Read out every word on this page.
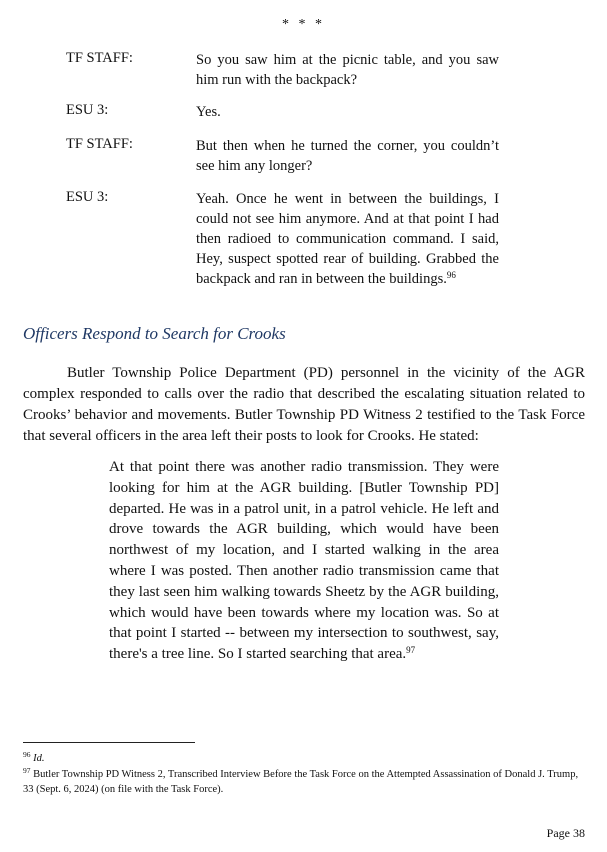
* * *
TF STAFF:	So you saw him at the picnic table, and you saw him run with the backpack?
ESU 3:	Yes.
TF STAFF:	But then when he turned the corner, you couldn’t see him any longer?
ESU 3:	Yeah. Once he went in between the buildings, I could not see him anymore. And at that point I had then radioed to communication command. I said, Hey, suspect spotted rear of building. Grabbed the backpack and ran in between the buildings.$^{96}$
Officers Respond to Search for Crooks

Butler Township Police Department (PD) personnel in the vicinity of the AGR complex responded to calls over the radio that described the escalating situation related to Crooks’ behavior and movements. Butler Township PD Witness 2 testified to the Task Force that several officers in the area left their posts to look for Crooks. He stated:

At that point there was another radio transmission. They were looking for him at the AGR building. [Butler Township PD] departed. He was in a patrol unit, in a patrol vehicle. He left and drove towards the AGR building, which would have been northwest of my location, and I started walking in the area where I was posted. Then another radio transmission came that they last seen him walking towards Sheetz by the AGR building, which would have been towards where my location was. So at that point I started -- between my intersection to southwest, say, there's a tree line. So I started searching that area.$^{97}$

$^{96}$ Id.
$^{97}$ Butler Township PD Witness 2, Transcribed Interview Before the Task Force on the Attempted Assassination of Donald J. Trump, 33 (Sept. 6, 2024) (on file with the Task Force).
Page 38
